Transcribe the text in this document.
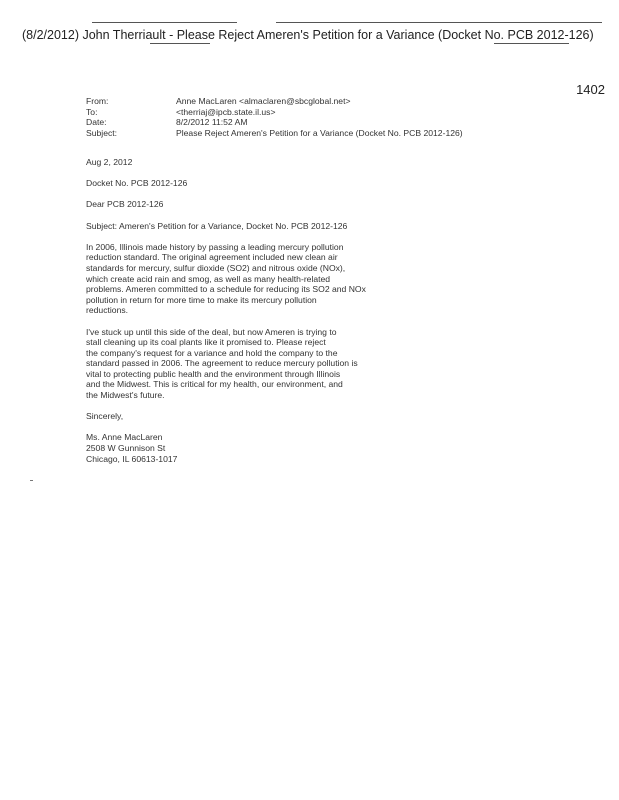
(8/2/2012) John Therriault - Please Reject Ameren's Petition for a Variance (Docket No. PCB 2012-126)
1402
From:	Anne MacLaren <almaclaren@sbcglobal.net>
To:	<therriaj@ipcb.state.il.us>
Date:	8/2/2012 11:52 AM
Subject:	Please Reject Ameren's Petition for a Variance (Docket No. PCB 2012-126)

Aug 2, 2012

Docket No. PCB 2012-126

Dear PCB 2012-126

Subject: Ameren's Petition for a Variance, Docket No. PCB 2012-126

In 2006, Illinois made history by passing a leading mercury pollution
reduction standard. The original agreement included new clean air
standards for mercury, sulfur dioxide (SO2) and nitrous oxide (NOx),
which create acid rain and smog, as well as many health-related
problems. Ameren committed to a schedule for reducing its SO2 and NOx
pollution in return for more time to make its mercury pollution
reductions.

I've stuck up until this side of the deal, but now Ameren is trying to
stall cleaning up its coal plants like it promised to. Please reject
the company's request for a variance and hold the company to the
standard passed in 2006. The agreement to reduce mercury pollution is
vital to protecting public health and the environment through Illinois
and the Midwest. This is critical for my health, our environment, and
the Midwest's future.

Sincerely,

Ms. Anne MacLaren
2508 W Gunnison St
Chicago, IL 60613-1017
